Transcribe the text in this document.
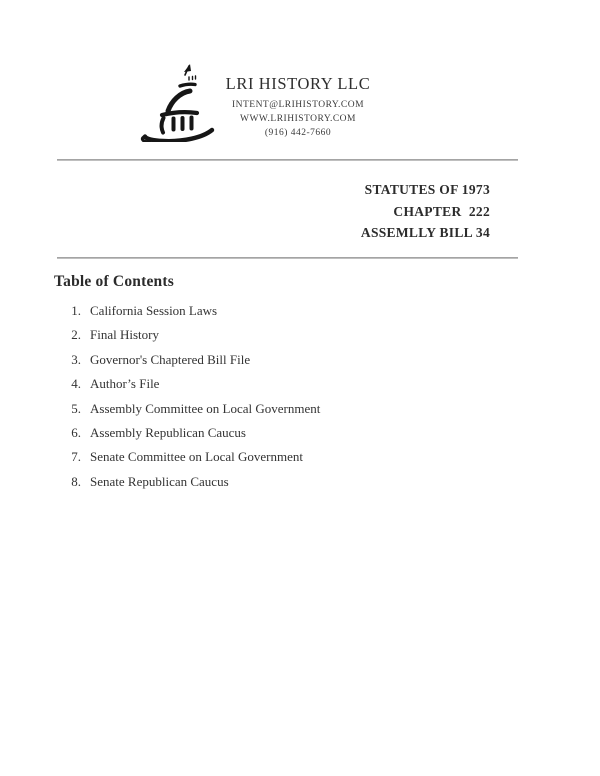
LRI HISTORY LLC
INTENT@LRIHISTORY.COM
WWW.LRIHISTORY.COM
(916) 442-7660
STATUTES OF 1973
CHAPTER  222
ASSEMLLY BILL 34
Table of Contents
1. California Session Laws
2. Final History
3. Governor's Chaptered Bill File
4. Author’s File
5. Assembly Committee on Local Government
6. Assembly Republican Caucus
7. Senate Committee on Local Government
8. Senate Republican Caucus
